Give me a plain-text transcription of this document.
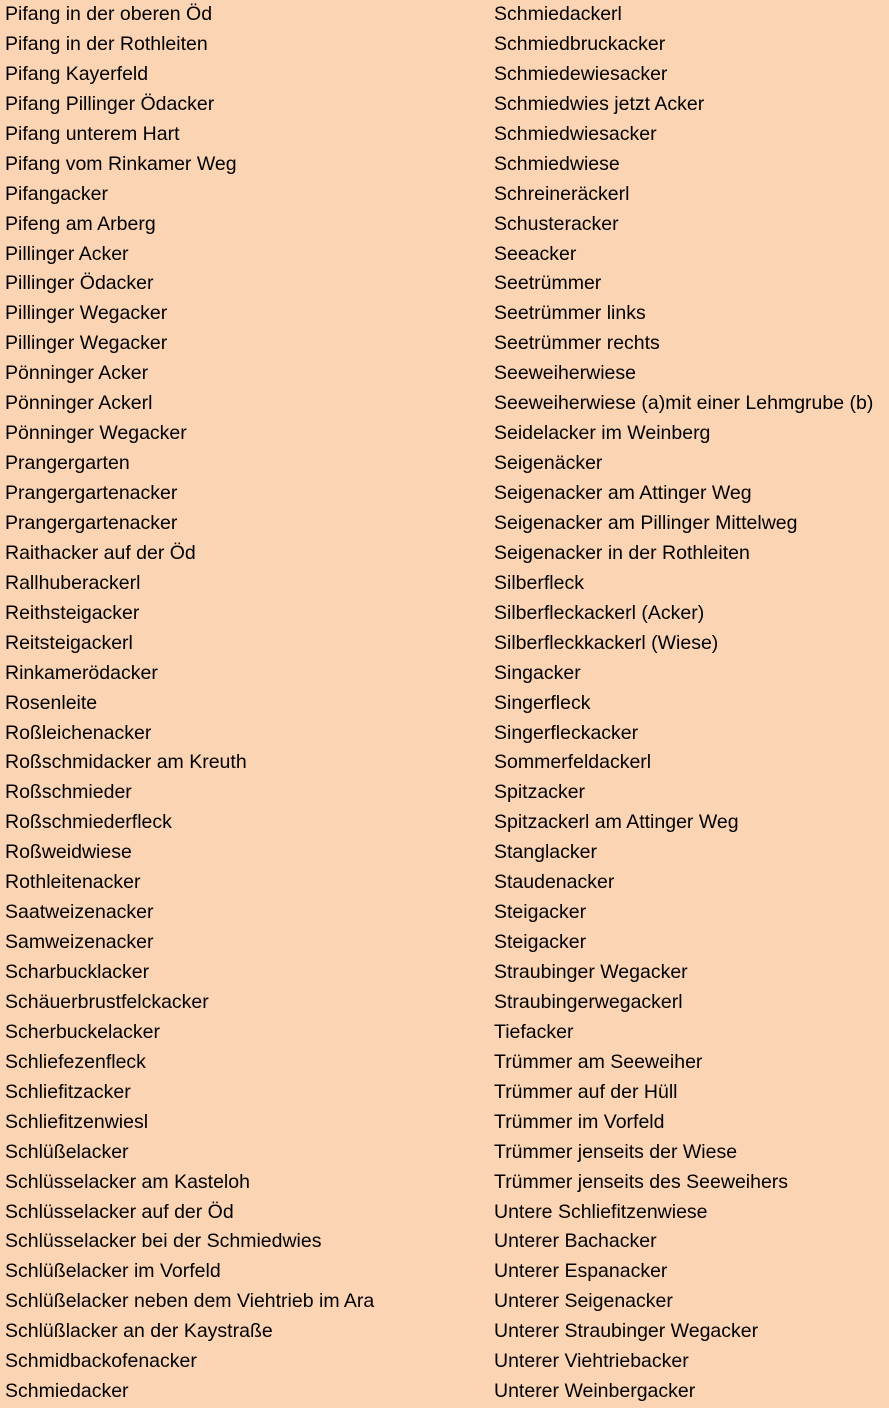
Pifang in der oberen Öd
Pifang in der Rothleiten
Pifang Kayerfeld
Pifang Pillinger Ödacker
Pifang unterem Hart
Pifang vom Rinkamer Weg
Pifangacker
Pifeng am Arberg
Pillinger Acker
Pillinger Ödacker
Pillinger Wegacker
Pillinger Wegacker
Pönninger Acker
Pönninger Ackerl
Pönninger Wegacker
Prangergarten
Prangergartenacker
Prangergartenacker
Raithacker auf der Öd
Rallhuberackerl
Reithsteigacker
Reitsteigackerl
Rinkamerödacker
Rosenleite
Roßleichenacker
Roßschmidacker am Kreuth
Roßschmieder
Roßschmiederfleck
Roßweidwiese
Rothleitenacker
Saatweizenacker
Samweizenacker
Scharbucklacker
Schäuerbrustfelckacker
Scherbuckelacker
Schliefezenfleck
Schliefitzacker
Schliefitzenwiesl
Schlüßelacker
Schlüsselacker am Kasteloh
Schlüsselacker auf der Öd
Schlüsselacker bei der Schmiedwies
Schlüßelacker im Vorfeld
Schlüßelacker neben dem Viehtrieb im Ara
Schlüßlacker an der Kaystraße
Schmidbackofenacker
Schmiedacker
Schmiedackerl
Schmiedbruckacker
Schmiedewiesacker
Schmiedwies jetzt Acker
Schmiedwiesacker
Schmiedwiese
Schreineräckerl
Schusteracker
Seeacker
Seetrümmer
Seetrümmer links
Seetrümmer rechts
Seeweiherwiese
Seeweiherwiese (a)mit einer Lehmgrube (b)
Seidelacker im Weinberg
Seigenäcker
Seigenacker am Attinger Weg
Seigenacker am Pillinger Mittelweg
Seigenacker in der Rothleiten
Silberfleck
Silberfleckackerl (Acker)
Silberfleckkackerl (Wiese)
Singacker
Singerfleck
Singerfleckacker
Sommerfeldackerl
Spitzacker
Spitzackerl am Attinger Weg
Stanglacker
Staudenacker
Steigacker
Steigacker
Straubinger Wegacker
Straubingerwegackerl
Tiefacker
Trümmer am Seeweiher
Trümmer auf der Hüll
Trümmer im Vorfeld
Trümmer jenseits der Wiese
Trümmer jenseits des Seeweihers
Untere Schliefitzenwiese
Unterer Bachacker
Unterer Espanacker
Unterer Seigenacker
Unterer Straubinger Wegacker
Unterer Viehtriebacker
Unterer Weinbergacker
